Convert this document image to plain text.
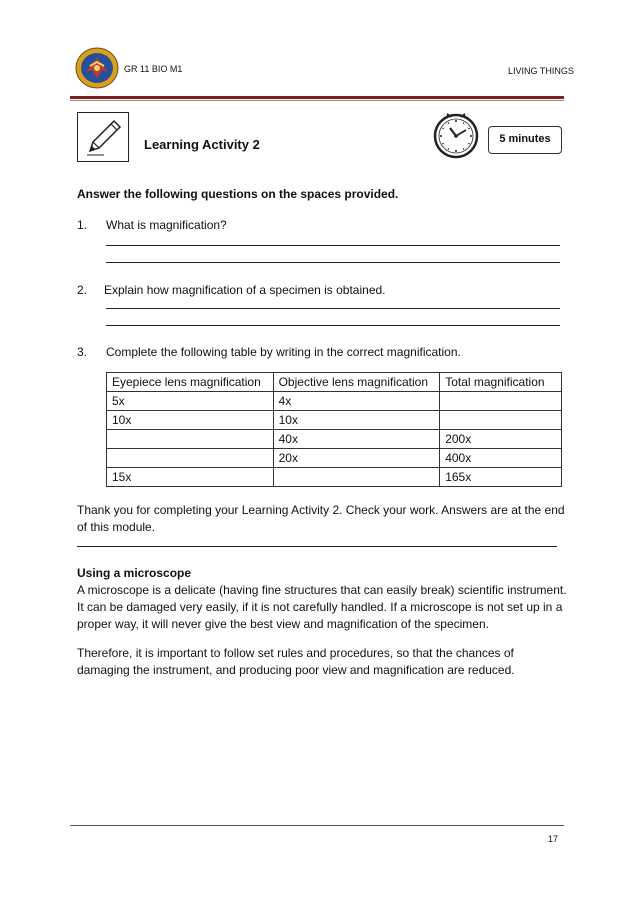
GR 11 BIO M1	LIVING THINGS
Learning Activity 2	5 minutes
Answer the following questions on the spaces provided.
1. What is magnification?
2. Explain how magnification of a specimen is obtained.
3. Complete the following table by writing in the correct magnification.
Eyepiece lens magnification	Objective lens magnification	Total magnification
5x	4x	
10x	10x	
	40x	200x
	20x	400x
15x		165x
Thank you for completing your Learning Activity 2. Check your work. Answers are at the end
of this module.
Using a microscope
A microscope is a delicate (having fine structures that can easily break) scientific instrument.
It can be damaged very easily, if it is not carefully handled. If a microscope is not set up in a
proper way, it will never give the best view and magnification of the specimen.
Therefore, it is important to follow set rules and procedures, so that the chances of
damaging the instrument, and producing poor view and magnification are reduced.
17
